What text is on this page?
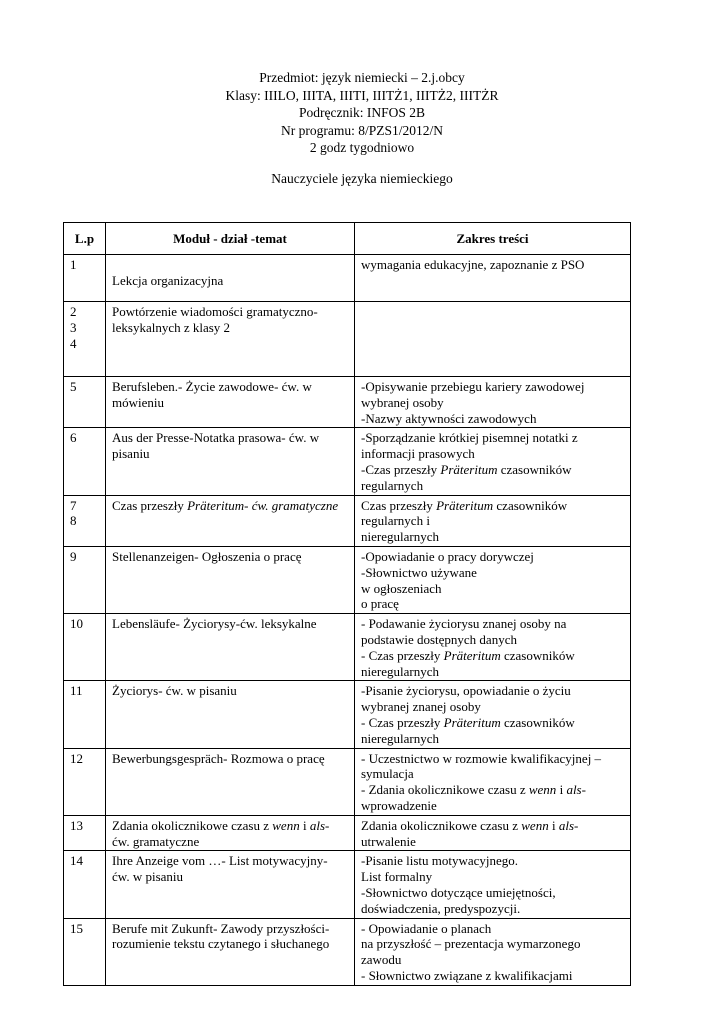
Przedmiot: język niemiecki – 2.j.obcy
Klasy: IIILO, IIITA, IIITI, IIITŻ1, IIITŻ2, IIITŻR
Podręcznik: INFOS 2B
Nr programu: 8/PZS1/2012/N
2 godz tygodniowo
Nauczyciele języka niemieckiego
L.p	Moduł - dział -temat	Zakres treści

1	Lekcja organizacyjna	wymagania edukacyjne, zapoznanie z PSO

2
3
4	Powtórzenie wiadomości gramatyczno-
leksykalnych z klasy 2	

5	Berufsleben.- Życie zawodowe- ćw. w
mówieniu	-Opisywanie przebiegu kariery zawodowej
wybranej osoby
-Nazwy aktywności zawodowych

6	Aus der Presse-Notatka prasowa- ćw. w
pisaniu	-Sporządzanie krótkiej pisemnej notatki z
informacji prasowych
-Czas przeszły Präteritum czasowników
regularnych

7
8	Czas przeszły Präteritum- ćw. gramatyczne	Czas przeszły Präteritum czasowników
regularnych i
nieregularnych

9	Stellenanzeigen- Ogłoszenia o pracę	-Opowiadanie o pracy dorywczej
-Słownictwo używane
w ogłoszeniach
o pracę

10	Lebensläufe- Życiorysy-ćw. leksykalne	- Podawanie życiorysu znanej osoby na
podstawie dostępnych danych
- Czas przeszły Präteritum czasowników
nieregularnych

11	Życiorys- ćw. w pisaniu	-Pisanie życiorysu, opowiadanie o życiu
wybranej znanej osoby
- Czas przeszły Präteritum czasowników
nieregularnych

12	Bewerbungsgespräch- Rozmowa o pracę	- Uczestnictwo w rozmowie kwalifikacyjnej –
symulacja
- Zdania okolicznikowe czasu z wenn i als-
wprowadzenie

13	Zdania okolicznikowe czasu z wenn i als-
ćw. gramatyczne	Zdania okolicznikowe czasu z wenn i als-
utrwalenie

14	Ihre Anzeige vom …- List motywacyjny-
ćw. w pisaniu	-Pisanie listu motywacyjnego.
List formalny
-Słownictwo dotyczące umiejętności,
doświadczenia, predyspozycji.

15	Berufe mit Zukunft- Zawody przyszłości-
rozumienie tekstu czytanego i słuchanego	- Opowiadanie o planach
na przyszłość – prezentacja wymarzonego
zawodu
- Słownictwo związane z kwalifikacjami
